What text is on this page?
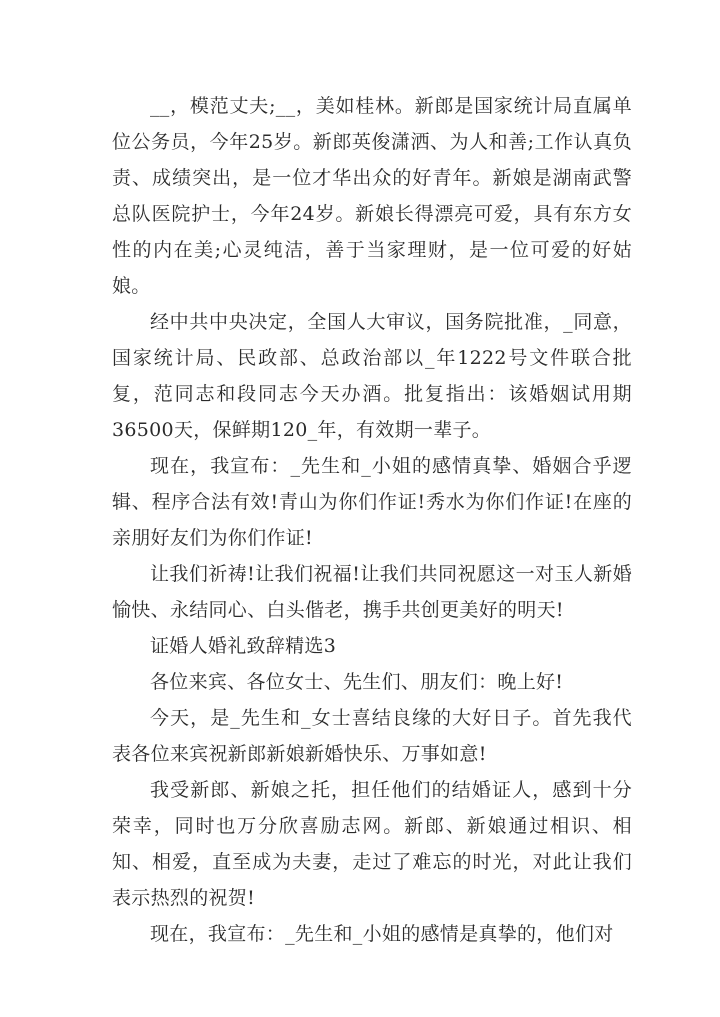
__，模范丈夫;__，美如桂林。新郎是国家统计局直属单位公务员，今年25岁。新郎英俊潇洒、为人和善;工作认真负责、成绩突出，是一位才华出众的好青年。新娘是湖南武警总队医院护士，今年24岁。新娘长得漂亮可爱，具有东方女性的内在美;心灵纯洁，善于当家理财，是一位可爱的好姑娘。

经中共中央决定，全国人大审议，国务院批准，_同意，国家统计局、民政部、总政治部以_年1222号文件联合批复，范同志和段同志今天办酒。批复指出：该婚姻试用期36500天，保鲜期120_年，有效期一辈子。

现在，我宣布：_先生和_小姐的感情真挚、婚姻合乎逻辑、程序合法有效!青山为你们作证!秀水为你们作证!在座的亲朋好友们为你们作证!

让我们祈祷!让我们祝福!让我们共同祝愿这一对玉人新婚愉快、永结同心、白头偕老，携手共创更美好的明天!

证婚人婚礼致辞精选3

各位来宾、各位女士、先生们、朋友们：晚上好!

今天，是_先生和_女士喜结良缘的大好日子。首先我代表各位来宾祝新郎新娘新婚快乐、万事如意!

我受新郎、新娘之托，担任他们的结婚证人，感到十分荣幸，同时也万分欣喜励志网。新郎、新娘通过相识、相知、相爱，直至成为夫妻，走过了难忘的时光，对此让我们表示热烈的祝贺!

现在，我宣布：_先生和_小姐的感情是真挚的，他们对
